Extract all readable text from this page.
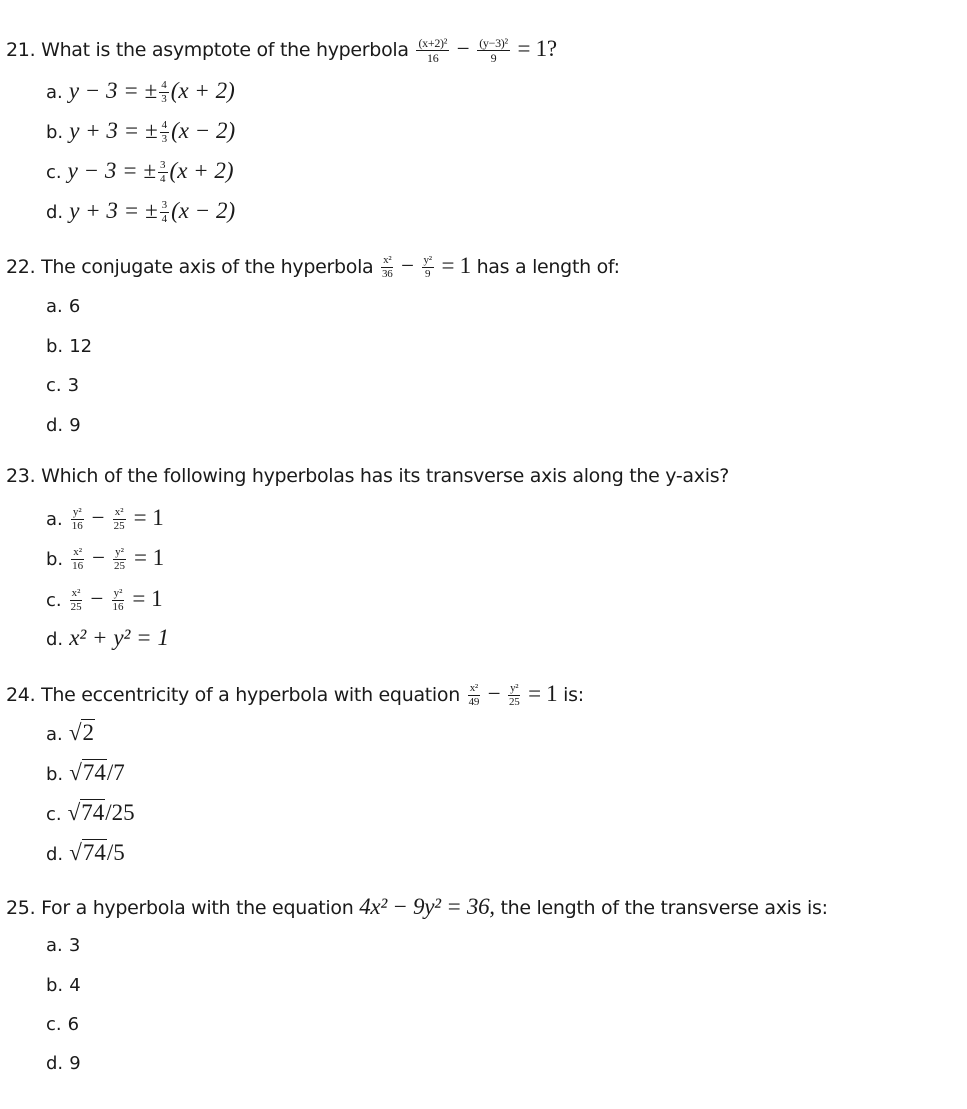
21. What is the asymptote of the hyperbola $\frac{\text{(x+2)²}}{16} - \frac{\text{(y−3)²}}{9} = 1$?
a. y − 3 = ± $\frac{4}{3} (x + 2)$
b. y + 3 = ± $\frac{4}{3} (x - 2)$
c. y − 3 = ± $\frac{3}{4} (x + 2)$
d. y + 3 = ± $\frac{3}{4} (x - 2)$
22. The conjugate axis of the hyperbola $\frac{\text{x²}}{36} - \frac{\text{y²}}{9} = 1$ has a length of:
a. 6
b. 12
c. 3
d. 9
23. Which of the following hyperbolas has its transverse axis along the y-axis?
a. $\frac{\text{y²}}{16} - \frac{\text{x²}}{25} = 1$
b. $\frac{\text{x²}}{16} - \frac{\text{y²}}{25} = 1$
c. $\frac{\text{x²}}{25} - \frac{\text{y²}}{16} = 1$
d. x² + y² = 1
24. The eccentricity of a hyperbola with equation $\frac{\text{x²}}{49} - \frac{\text{y²}}{25} = 1$ is:
a. √2
b. √74/7
c. √74/25
d. √74/5
25. For a hyperbola with the equation 4x² − 9y² = 36, the length of the transverse axis is:
a. 3
b. 4
c. 6
d. 9
